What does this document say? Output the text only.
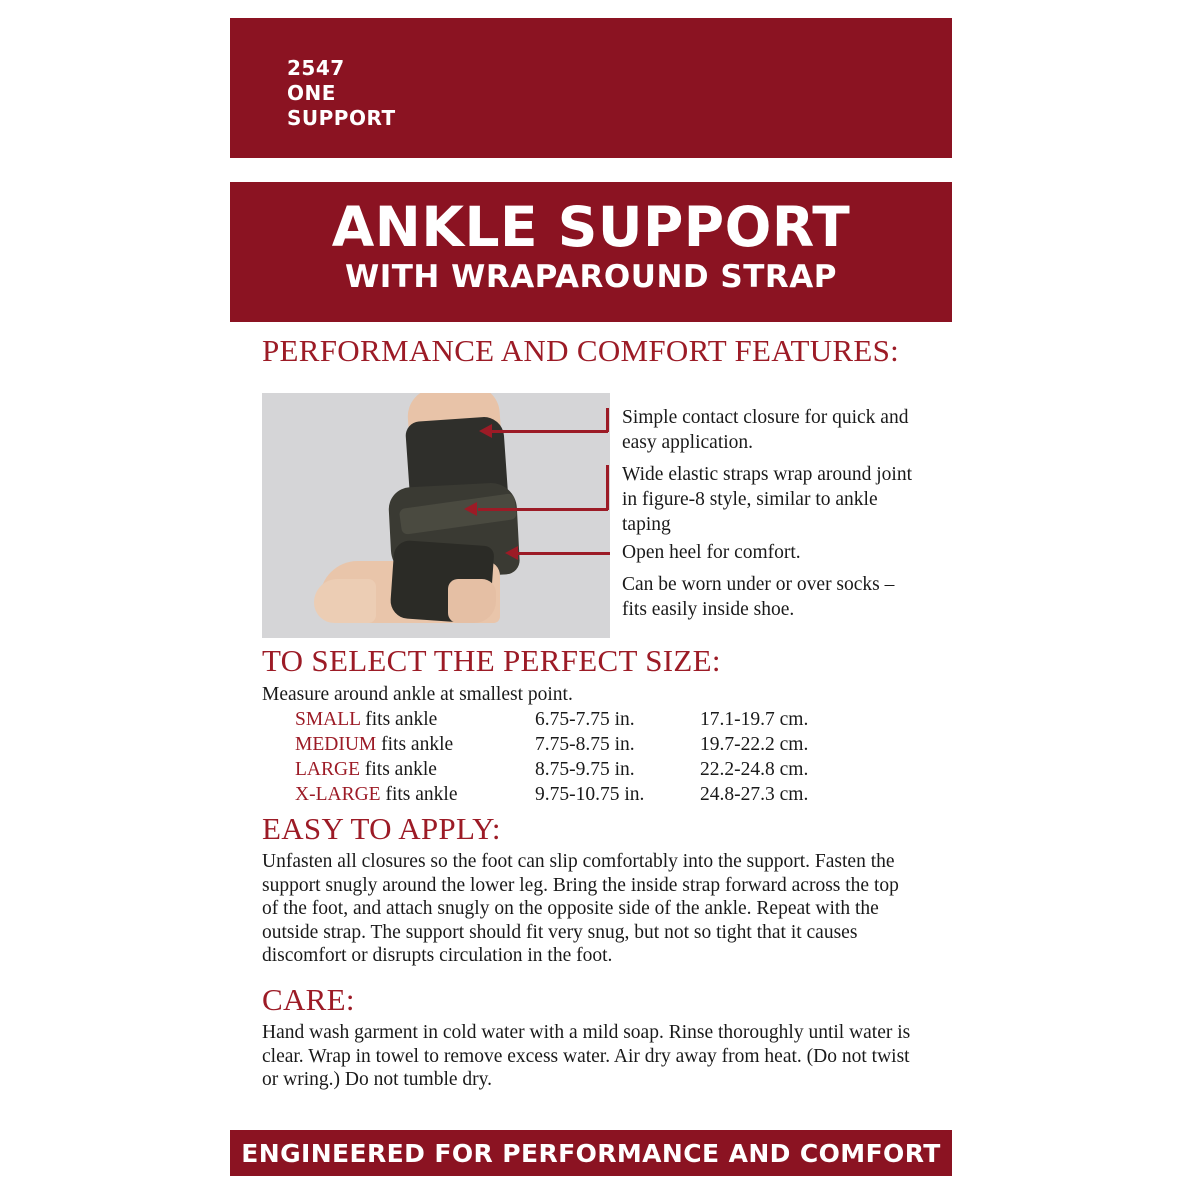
2547
ONE
SUPPORT
ANKLE SUPPORT
WITH WRAPAROUND STRAP
PERFORMANCE AND COMFORT FEATURES:
Simple contact closure for quick and easy application.
Wide elastic straps wrap around joint in figure-8 style, similar to ankle taping
Open heel for comfort.
Can be worn under or over socks – fits easily inside shoe.
TO SELECT THE PERFECT SIZE:
Measure around ankle at smallest point.
SMALL fits ankle	6.75-7.75 in.	17.1-19.7 cm.
MEDIUM fits ankle	7.75-8.75 in.	19.7-22.2 cm.
LARGE fits ankle	8.75-9.75 in.	22.2-24.8 cm.
X-LARGE fits ankle	9.75-10.75 in.	24.8-27.3 cm.
EASY TO APPLY:
Unfasten all closures so the foot can slip comfortably into the support. Fasten the support snugly around the lower leg. Bring the inside strap forward across the top of the foot, and attach snugly on the opposite side of the ankle. Repeat with the outside strap. The support should fit very snug, but not so tight that it causes discomfort or disrupts circulation in the foot.
CARE:
Hand wash garment in cold water with a mild soap. Rinse thoroughly until water is clear. Wrap in towel to remove excess water. Air dry away from heat. (Do not twist or wring.) Do not tumble dry.
ENGINEERED FOR PERFORMANCE AND COMFORT
